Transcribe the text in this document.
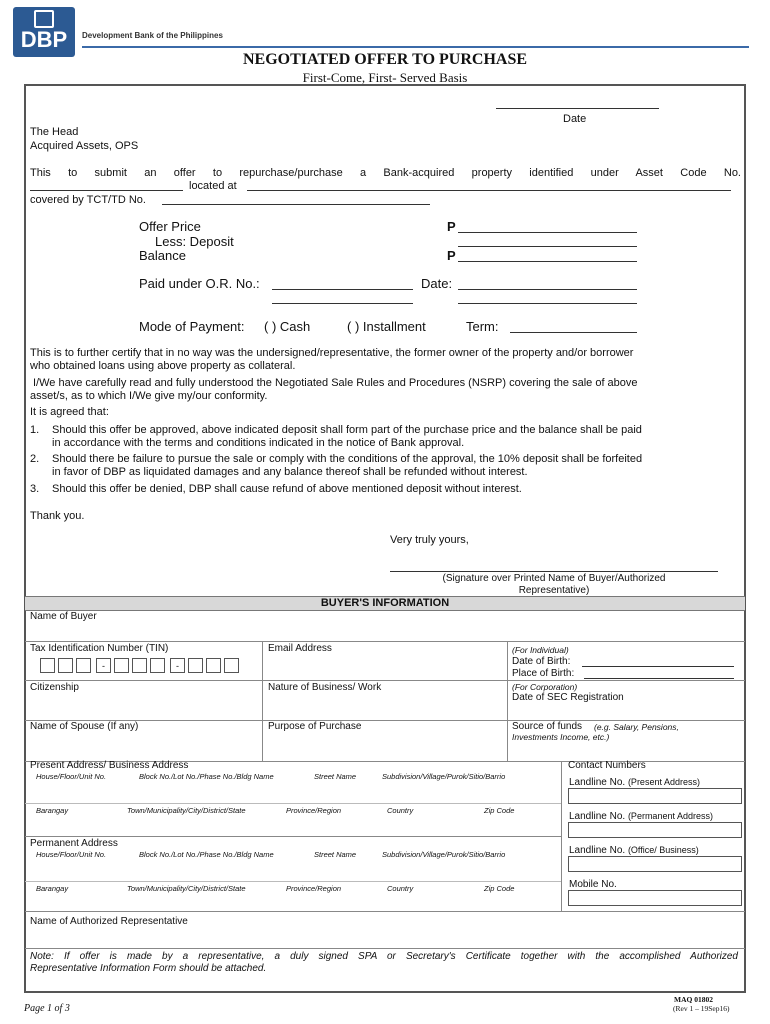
DBP	Development Bank of the Philippines
NEGOTIATED OFFER TO PURCHASE
First-Come, First- Served Basis
Date
The Head
Acquired Assets, OPS
This to submit an offer to repurchase/purchase a Bank-acquired property identified under Asset Code No.
located at
covered by TCT/TD No.
Offer Price	P
Less: Deposit
Balance	P
Paid under O.R. No.:	Date:
Mode of Payment: ( ) Cash	( ) Installment	Term:
This is to further certify that in no way was the undersigned/representative, the former owner of the property and/or borrower
who obtained loans using above property as collateral.
I/We have carefully read and fully understood the Negotiated Sale Rules and Procedures (NSRP) covering the sale of above
asset/s, as to which I/We give my/our conformity.
It is agreed that:
1. Should this offer be approved, above indicated deposit shall form part of the purchase price and the balance shall be paid
in accordance with the terms and conditions indicated in the notice of Bank approval.
2. Should there be failure to pursue the sale or comply with the conditions of the approval, the 10% deposit shall be forfeited
in favor of DBP as liquidated damages and any balance thereof shall be refunded without interest.
3. Should this offer be denied, DBP shall cause refund of above mentioned deposit without interest.
Thank you.
Very truly yours,
(Signature over Printed Name of Buyer/Authorized
Representative)
BUYER'S INFORMATION
Name of Buyer
Tax Identification Number (TIN)	Email Address
-	-
(For Individual)
Date of Birth:
Place of Birth:
Citizenship	Nature of Business/ Work	(For Corporation)
Date of SEC Registration
Name of Spouse (If any)	Purpose of Purchase	Source of funds (e.g. Salary, Pensions,
Investments Income, etc.)
Present Address/ Business Address
House/Floor/Unit No.	Block No./Lot No./Phase No./Bldg Name	Street Name	Subdivision/Village/Purok/Sitio/Barrio
Barangay	Town/Municipality/City/District/State	Province/Region	Country	Zip Code
Permanent Address
House/Floor/Unit No.	Block No./Lot No./Phase No./Bldg Name	Street Name	Subdivision/Village/Purok/Sitio/Barrio
Barangay	Town/Municipality/City/District/State	Province/Region	Country	Zip Code
Contact Numbers
Landline No. (Present Address)
Landline No. (Permanent Address)
Landline No. (Office/ Business)
Mobile No.
Name of Authorized Representative
Note: If offer is made by a representative, a duly signed SPA or Secretary's Certificate together with the accomplished Authorized
Representative Information Form should be attached.
Page 1 of 3
MAQ 01802
(Rev 1 – 19Sep16)
